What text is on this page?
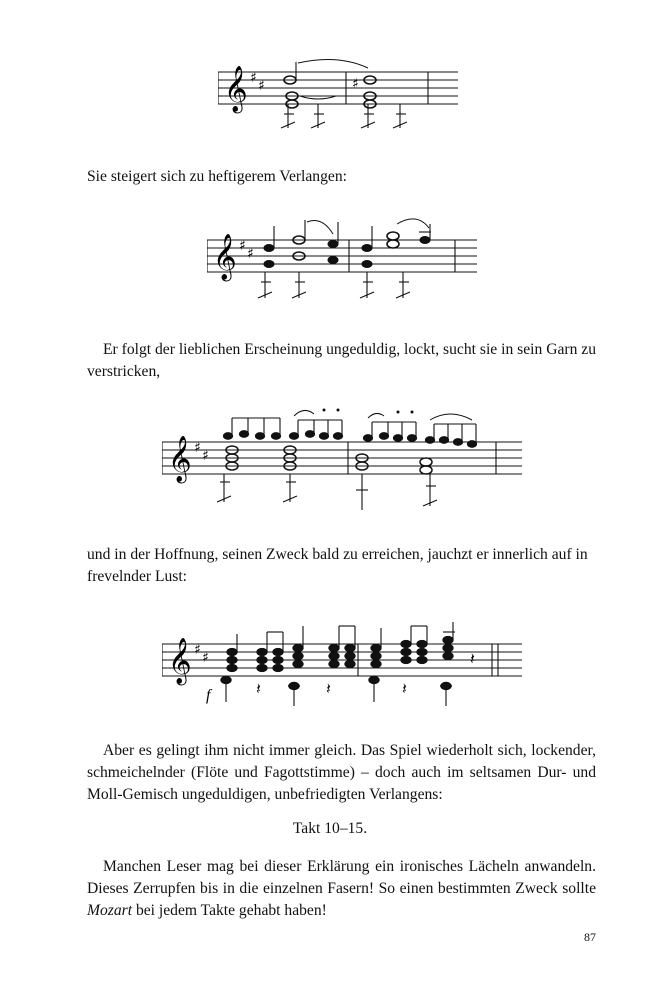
𝄞 ♯ ♯	♯

Sie steigert sich zu heftigerem Verlangen:

𝄞 ♯ ♯

Er folgt der lieblichen Erscheinung ungeduldig, lockt, sucht sie in sein Garn zu verstricken,

𝄞 ♯ ♯

und in der Hoffnung, seinen Zweck bald zu erreichen, jauchzt er innerlich auf in frevelnder Lust:

𝄞 ♯ ♯	𝄽
𝄽	𝄽	𝄽
f

Aber es gelingt ihm nicht immer gleich. Das Spiel wiederholt sich, lockender, schmeichelnder (Flöte und Fagottstimme) – doch auch im seltsamen Dur- und Moll-Gemisch ungeduldigen, unbefriedigten Verlangens:

Takt 10–15.

Manchen Leser mag bei dieser Erklärung ein ironisches Lächeln anwandeln. Dieses Zerrupfen bis in die einzelnen Fasern! So einen bestimmten Zweck sollte Mozart bei jedem Takte gehabt haben!

87
